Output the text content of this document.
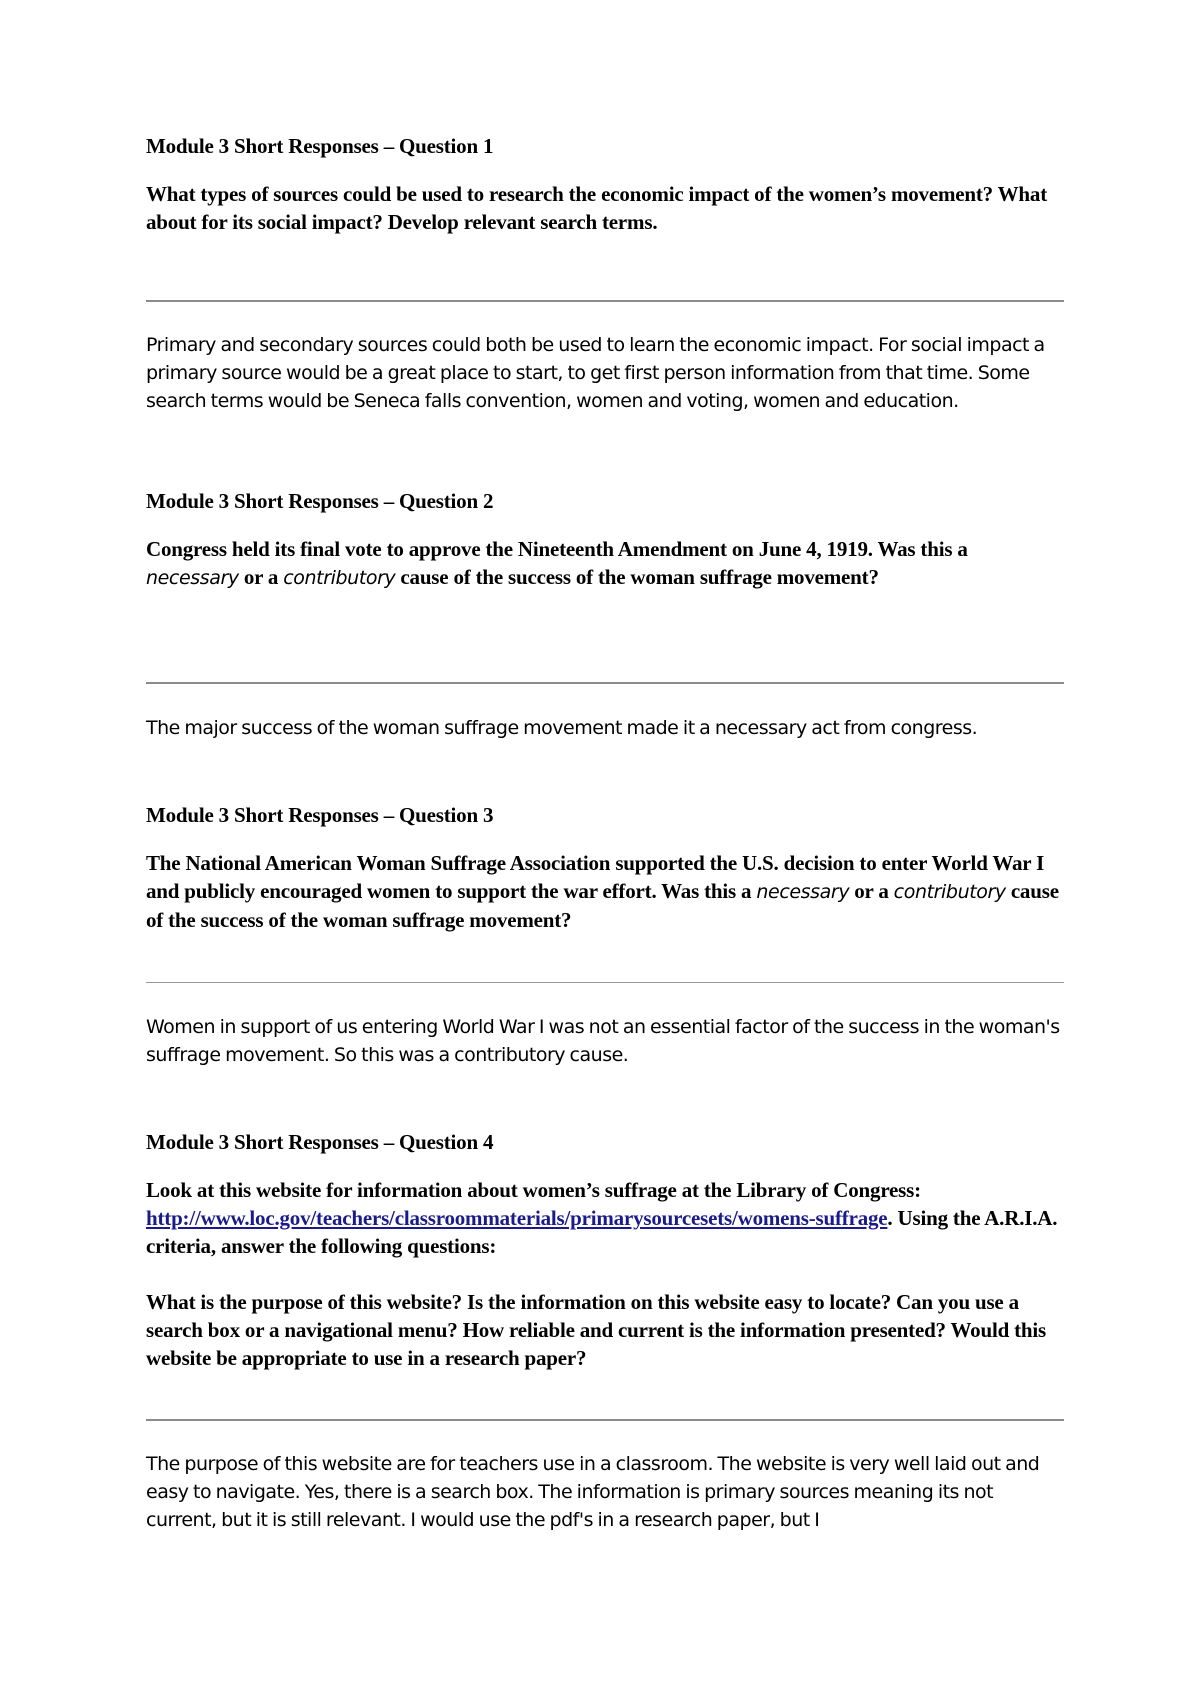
Module 3 Short Responses – Question 1

What types of sources could be used to research the economic impact of the women’s movement? What about for its social impact? Develop relevant search terms.

Primary and secondary sources could both be used to learn the economic impact. For social impact a primary source would be a great place to start, to get first person information from that time. Some search terms would be Seneca falls convention, women and voting, women and education.

Module 3 Short Responses – Question 2

Congress held its final vote to approve the Nineteenth Amendment on June 4, 1919. Was this a necessary or a contributory cause of the success of the woman suffrage movement?

The major success of the woman suffrage movement made it a necessary act from congress.

Module 3 Short Responses – Question 3

The National American Woman Suffrage Association supported the U.S. decision to enter World War I and publicly encouraged women to support the war effort. Was this a necessary or a contributory cause of the success of the woman suffrage movement?

Women in support of us entering World War I was not an essential factor of the success in the woman's suffrage movement. So this was a contributory cause.

Module 3 Short Responses – Question 4

Look at this website for information about women’s suffrage at the Library of Congress: http://www.loc.gov/teachers/classroommaterials/primarysourcesets/womens-suffrage. Using the A.R.I.A. criteria, answer the following questions:

What is the purpose of this website? Is the information on this website easy to locate? Can you use a search box or a navigational menu? How reliable and current is the information presented? Would this website be appropriate to use in a research paper?

The purpose of this website are for teachers use in a classroom. The website is very well laid out and easy to navigate. Yes, there is a search box. The information is primary sources meaning its not current, but it is still relevant. I would use the pdf's in a research paper, but I
